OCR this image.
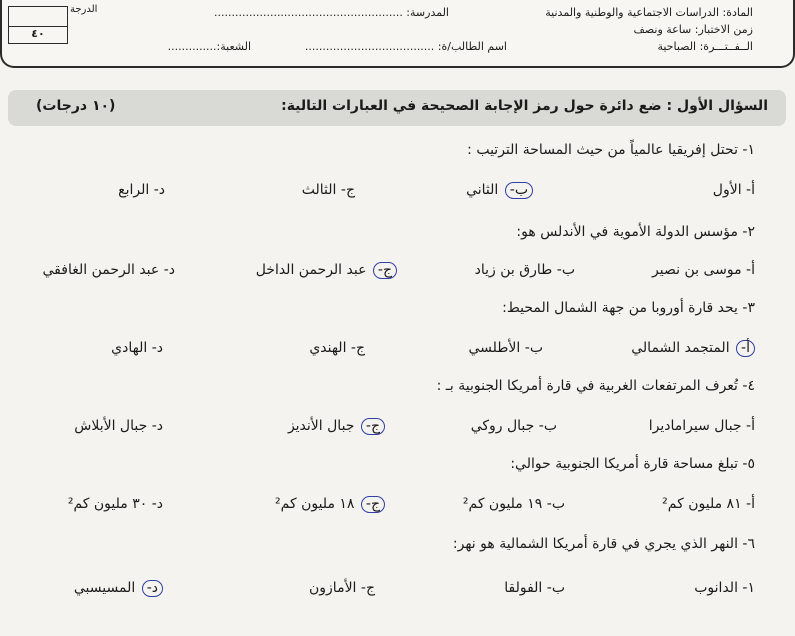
المادة: الدراسات الاجتماعية والوطنية والمدنية
المدرسة: ......................................................
زمن الاختبار: ساعة ونصف
الــفــتـــرة: الصباحية
اسم الطالب/ة: .....................................
الشعبة:..............
٤٠
الدرجة
السؤال الأول : ضع دائرة حول رمز الإجابة الصحيحة في العبارات التالية:
(١٠ درجات)
١- تحتل إفريقيا عالمياً من حيث المساحة الترتيب :
أ- الأول
ب- الثاني
ج- الثالث
د- الرابع
٢- مؤسس الدولة الأموية في الأندلس هو:
أ- موسى بن نصير
ب- طارق بن زياد
ج- عبد الرحمن الداخل
د- عبد الرحمن الغافقي
٣- يحد قارة أوروبا من جهة الشمال المحيط:
أ- المتجمد الشمالي
ب- الأطلسي
ج- الهندي
د- الهادي
٤- تُعرف المرتفعات الغربية في قارة أمريكا الجنوبية بـ :
أ- جبال سيراماديرا
ب- جبال روكي
ج- جبال الأنديز
د- جبال الأبلاش
٥- تبلغ مساحة قارة أمريكا الجنوبية حوالي:
أ- ٨١ مليون كم²
ب- ١٩ مليون كم²
ج- ١٨ مليون كم²
د- ٣٠ مليون كم²
٦- النهر الذي يجري في قارة أمريكا الشمالية هو نهر:
١- الدانوب
ب- الفولقا
ج- الأمازون
د- المسيسبي
